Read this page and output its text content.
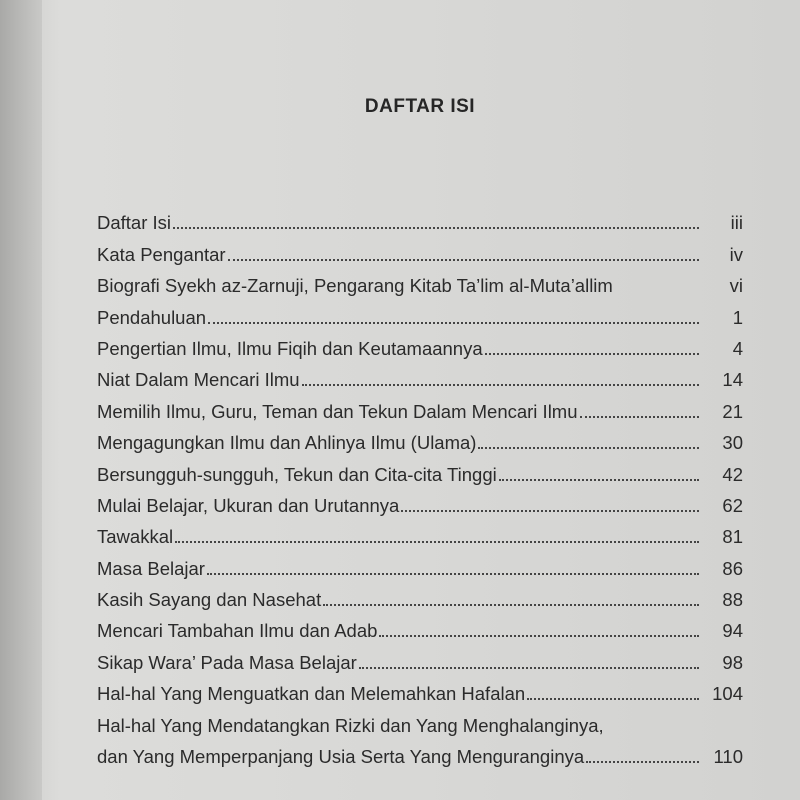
DAFTAR ISI
Daftar Isi	iii
Kata Pengantar	iv
Biografi Syekh az-Zarnuji, Pengarang Kitab Ta’lim al-Muta’allim	vi
Pendahuluan	1
Pengertian Ilmu, Ilmu Fiqih dan Keutamaannya	4
Niat Dalam Mencari Ilmu	14
Memilih Ilmu, Guru, Teman dan Tekun Dalam Mencari Ilmu	21
Mengagungkan Ilmu dan Ahlinya Ilmu (Ulama)	30
Bersungguh-sungguh, Tekun dan Cita-cita Tinggi	42
Mulai Belajar, Ukuran dan Urutannya	62
Tawakkal	81
Masa Belajar	86
Kasih Sayang dan Nasehat	88
Mencari Tambahan Ilmu dan Adab	94
Sikap Wara’ Pada Masa Belajar	98
Hal-hal Yang Menguatkan dan Melemahkan Hafalan	104
Hal-hal Yang Mendatangkan Rizki dan Yang Menghalanginya,
dan Yang Memperpanjang Usia Serta Yang Menguranginya	110
